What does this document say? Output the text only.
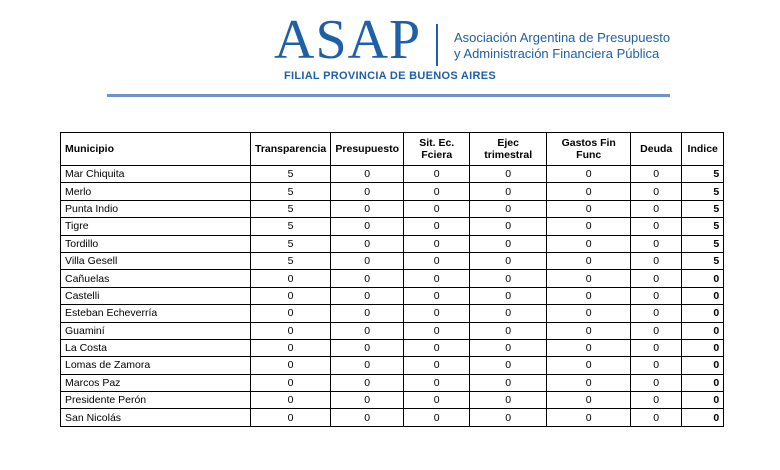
ASAP	Asociación Argentina de Presupuesto
y Administración Financiera Pública
FILIAL PROVINCIA DE BUENOS AIRES
Municipio	Transparencia	Presupuesto	Sit. Ec. Fciera	Ejec trimestral	Gastos Fin Func	Deuda	Indice
Mar Chiquita	5	0	0	0	0	0	5
Merlo	5	0	0	0	0	0	5
Punta Indio	5	0	0	0	0	0	5
Tigre	5	0	0	0	0	0	5
Tordillo	5	0	0	0	0	0	5
Villa Gesell	5	0	0	0	0	0	5
Cañuelas	0	0	0	0	0	0	0
Castelli	0	0	0	0	0	0	0
Esteban Echeverría	0	0	0	0	0	0	0
Guaminí	0	0	0	0	0	0	0
La Costa	0	0	0	0	0	0	0
Lomas de Zamora	0	0	0	0	0	0	0
Marcos Paz	0	0	0	0	0	0	0
Presidente Perón	0	0	0	0	0	0	0
San Nicolás	0	0	0	0	0	0	0
